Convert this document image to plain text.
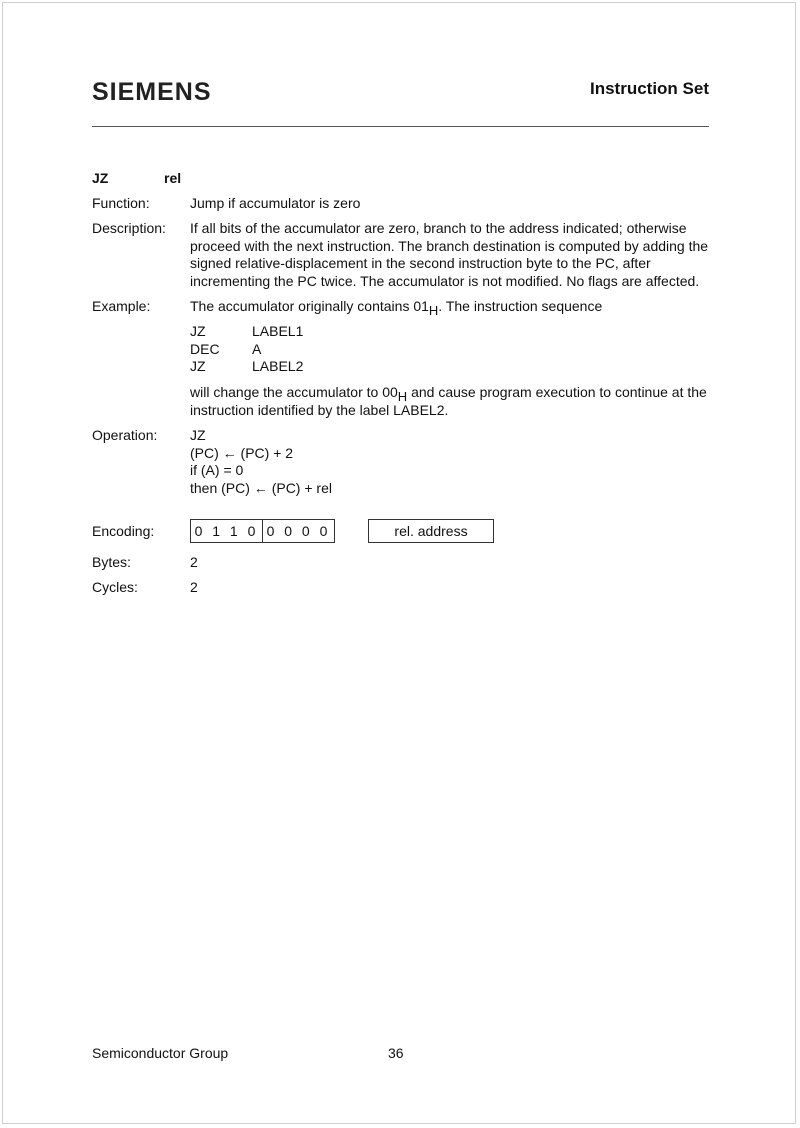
SIEMENS	Instruction Set
JZ	rel
Function:	Jump if accumulator is zero
Description: If all bits of the accumulator are zero, branch to the address indicated; otherwise
proceed with the next instruction. The branch destination is computed by adding the
signed relative-displacement in the second instruction byte to the PC, after
incrementing the PC twice. The accumulator is not modified. No flags are affected.
Example:	The accumulator originally contains $01_H$. The instruction sequence
JZ	LABEL1
DEC	A
JZ	LABEL2
will change the accumulator to $00_H$ and cause program execution to continue at the
instruction identified by the label LABEL2.
Operation: JZ
(PC) ← (PC) + 2
if (A) = 0
then (PC) ← (PC) + rel
Encoding:	0 1 1 0 0 0 0 0	rel. address
Bytes:	2
Cycles:	2
Semiconductor Group	36
